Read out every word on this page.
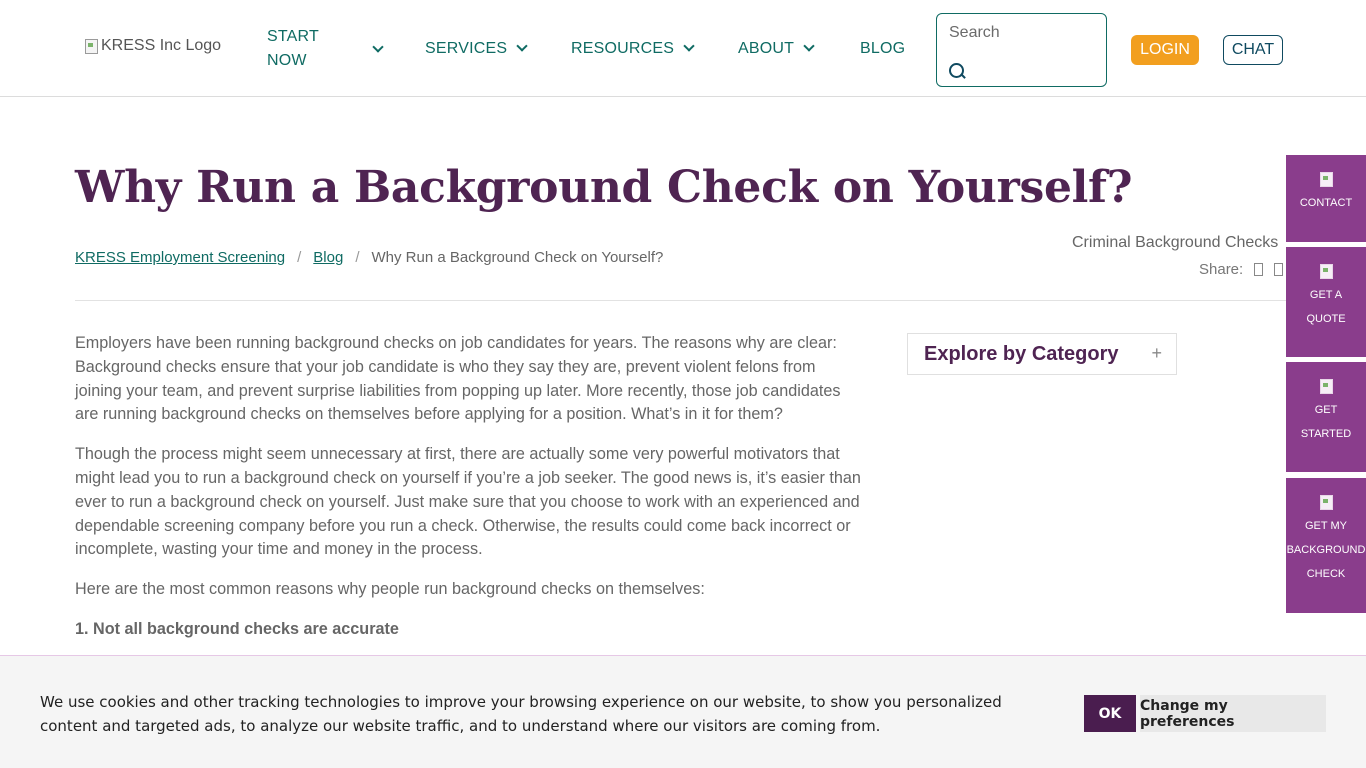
KRESS Inc Logo
START NOW
SERVICES	RESOURCES	ABOUT	BLOG
Search	LOGIN	CHAT
Why Run a Background Check on Yourself?
KRESS Employment Screening / Blog / Why Run a Background Check on Yourself?
Criminal Background Checks
Share:

Employers have been running background checks on job candidates for years. The reasons why are clear: Background checks ensure that your job candidate is who they say they are, prevent violent felons from joining your team, and prevent surprise liabilities from popping up later. More recently, those job candidates are running background checks on themselves before applying for a position. What’s in it for them?

Though the process might seem unnecessary at first, there are actually some very powerful motivators that might lead you to run a background check on yourself if you’re a job seeker. The good news is, it’s easier than ever to run a background check on yourself. Just make sure that you choose to work with an experienced and dependable screening company before you run a check. Otherwise, the results could come back incorrect or incomplete, wasting your time and money in the process.

Here are the most common reasons why people run background checks on themselves:

1. Not all background checks are accurate
Explore by Category +
CONTACT
GET A
QUOTE
GET
STARTED
GET MY
BACKGROUND
CHECK
We use cookies and other tracking technologies to improve your browsing experience on our website, to show you personalized content and targeted ads, to analyze our website traffic, and to understand where our visitors are coming from.
OK	Change my preferences
